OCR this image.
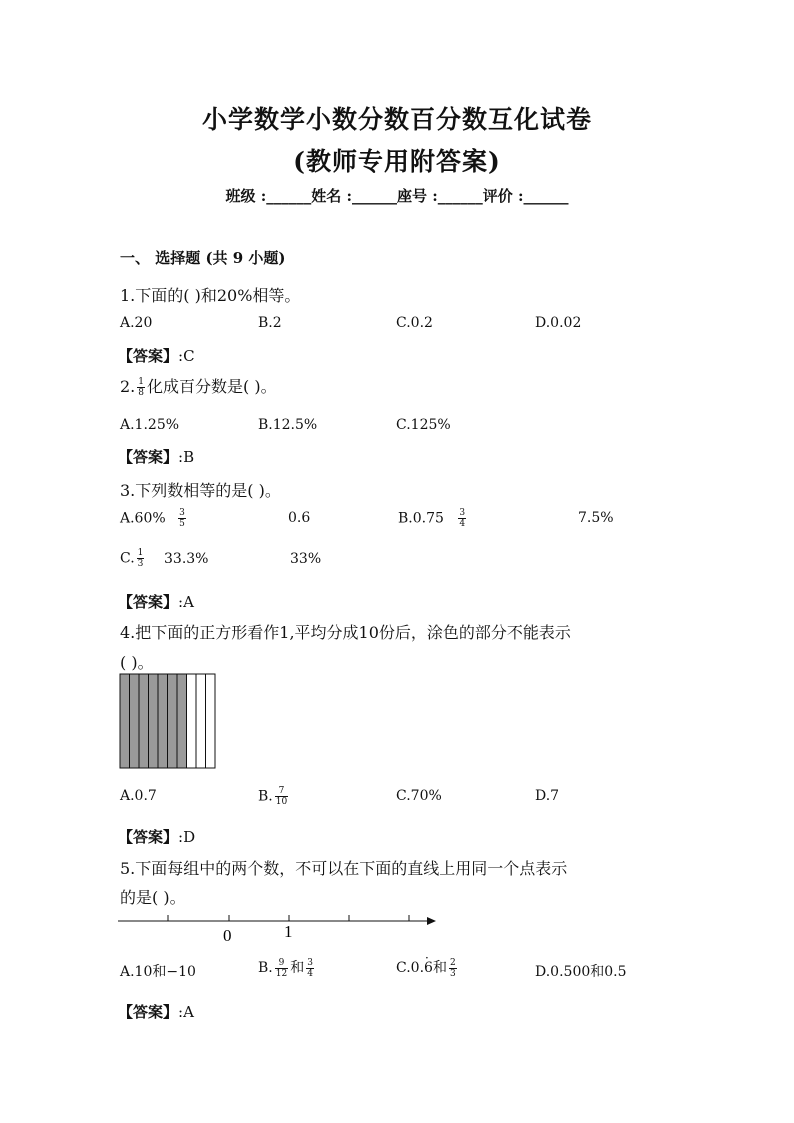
小学数学小数分数百分数互化试卷
(教师专用附答案)
班级 :______姓名 :______座号 :______评价 :______
一、 选择题 (共 9 小题)
1.下面的( )和20%相等。
A.20	B.2	C.0.2	D.0.02
【答案】:C
2. $\frac{1}{8}$ 化成百分数是( )。
A.1.25%	B.12.5%	C.125%
【答案】:B
3.下列数相等的是( )。
$A.60\% \frac{3}{5}$	0.6	$B.0.75 \frac{3}{4}$	7.5%
C. $\frac{1}{3} 33.3\%$	33%
【答案】:A
4.把下面的正方形看作1,平均分成10份后，涂色的部分不能表示
( )。
A.0.7	B. $\frac{7}{10}$	C.70%	D.7
【答案】:D
5.下面每组中的两个数，不可以在下面的直线上用同一个点表示
的是( )。
0	1
A.10和−10	B. $\frac{9}{12}$ 和 $\frac{3}{4}$	C.0.· 6和 $\frac{2}{3}$	D.0.500和0.5
【答案】:A
